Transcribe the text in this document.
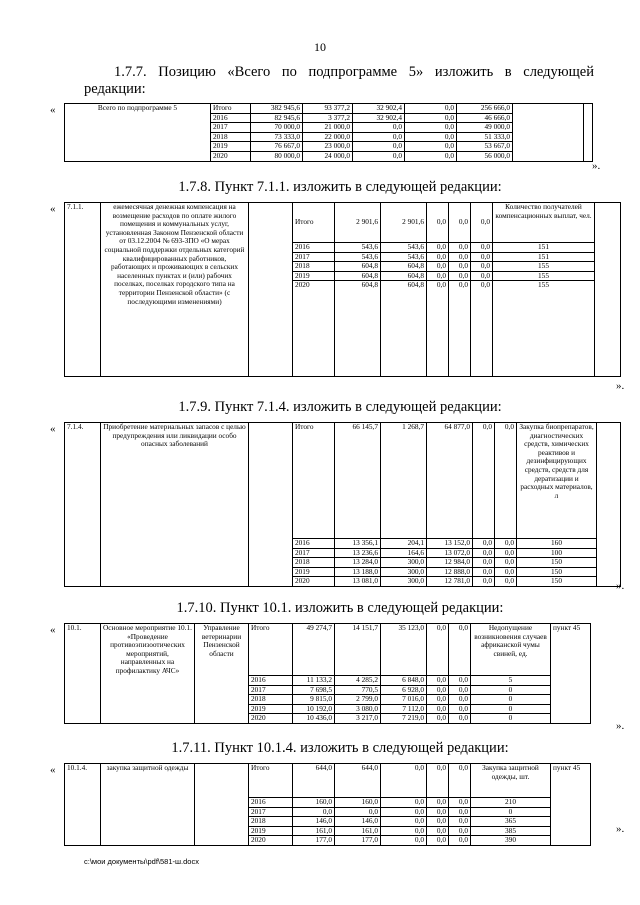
10
1.7.7. Позицию «Всего по подпрограмме 5» изложить в следующей редакции:
«
».
Всего по подпрограмме 5	Итого	382 945,6	93 377,2	32 902,4	0,0	256 666,0		
	2016	82 945,6	3 377,2	32 902,4	0,0	46 666,0		
	2017	70 000,0	21 000,0	0,0	0,0	49 000,0		
	2018	73 333,0	22 000,0	0,0	0,0	51 333,0		
	2019	76 667,0	23 000,0	0,0	0,0	53 667,0		
	2020	80 000,0	24 000,0	0,0	0,0	56 000,0		
1.7.8. Пункт 7.1.1. изложить в следующей редакции:
«
».
7.1.1.	ежемесячная денежная компенсация на возмещение расходов по оплате жилого помещения и коммунальных услуг, установленная Законом Пензенской области от 03.12.2004 № 693-ЗПО «О мерах социальной поддержки отдельных категорий квалифицированных работников, работающих и проживающих в сельских населенных пунктах и (или) рабочих поселках, поселках городского типа на территории Пензенской области» (с последующими изменениями)		Итого	2 901,6	2 901,6	0,0	0,0	0,0	Количество получателей компенсационных выплат, чел.	
			2016	543,6	543,6	0,0	0,0	0,0	151	
			2017	543,6	543,6	0,0	0,0	0,0	151	
			2018	604,8	604,8	0,0	0,0	0,0	155	
			2019	604,8	604,8	0,0	0,0	0,0	155	
			2020	604,8	604,8	0,0	0,0	0,0	155	
1.7.9. Пункт 7.1.4. изложить в следующей редакции:
«
».
7.1.4.	Приобретение материальных запасов с целью предупреждения или ликвидации особо опасных заболеваний		Итого	66 145,7	1 268,7	64 877,0	0,0	0,0	Закупка биопрепаратов, диагностических средств, химических реактивов и дезинфицирующих средств, средств для дератизации и расходных материалов, л	
			2016	13 356,1	204,1	13 152,0	0,0	0,0	160	
			2017	13 236,6	164,6	13 072,0	0,0	0,0	100	
			2018	13 284,0	300,0	12 984,0	0,0	0,0	150	
			2019	13 188,0	300,0	12 888,0	0,0	0,0	150	
			2020	13 081,0	300,0	12 781,0	0,0	0,0	150	
1.7.10. Пункт 10.1. изложить в следующей редакции:
«
».
10.1.	Основное мероприятие 10.1. «Проведение противоэпизоотических мероприятий, направленных на профилактику АЧС»	Управление ветеринарии Пензенской области	Итого	49 274,7	14 151,7	35 123,0	0,0	0,0	Недопущение возникновения случаев африканской чумы свиней, ед.	пункт 45
			2016	11 133,2	4 285,2	6 848,0	0,0	0,0	5	
			2017	7 698,5	770,5	6 928,0	0,0	0,0	0	
			2018	9 815,0	2 799,0	7 016,0	0,0	0,0	0	
			2019	10 192,0	3 080,0	7 112,0	0,0	0,0	0	
			2020	10 436,0	3 217,0	7 219,0	0,0	0,0	0	
1.7.11. Пункт 10.1.4. изложить в следующей редакции:
«
».
10.1.4.	закупка защитной одежды		Итого	644,0	644,0	0,0	0,0	0,0	Закупка защитной одежды, шт.	пункт 45
			2016	160,0	160,0	0,0	0,0	0,0	210	
			2017	0,0	0,0	0,0	0,0	0,0	0	
			2018	146,0	146,0	0,0	0,0	0,0	365	
			2019	161,0	161,0	0,0	0,0	0,0	385	
			2020	177,0	177,0	0,0	0,0	0,0	390	
c:\мои документы\pdf\581-ш.docx
